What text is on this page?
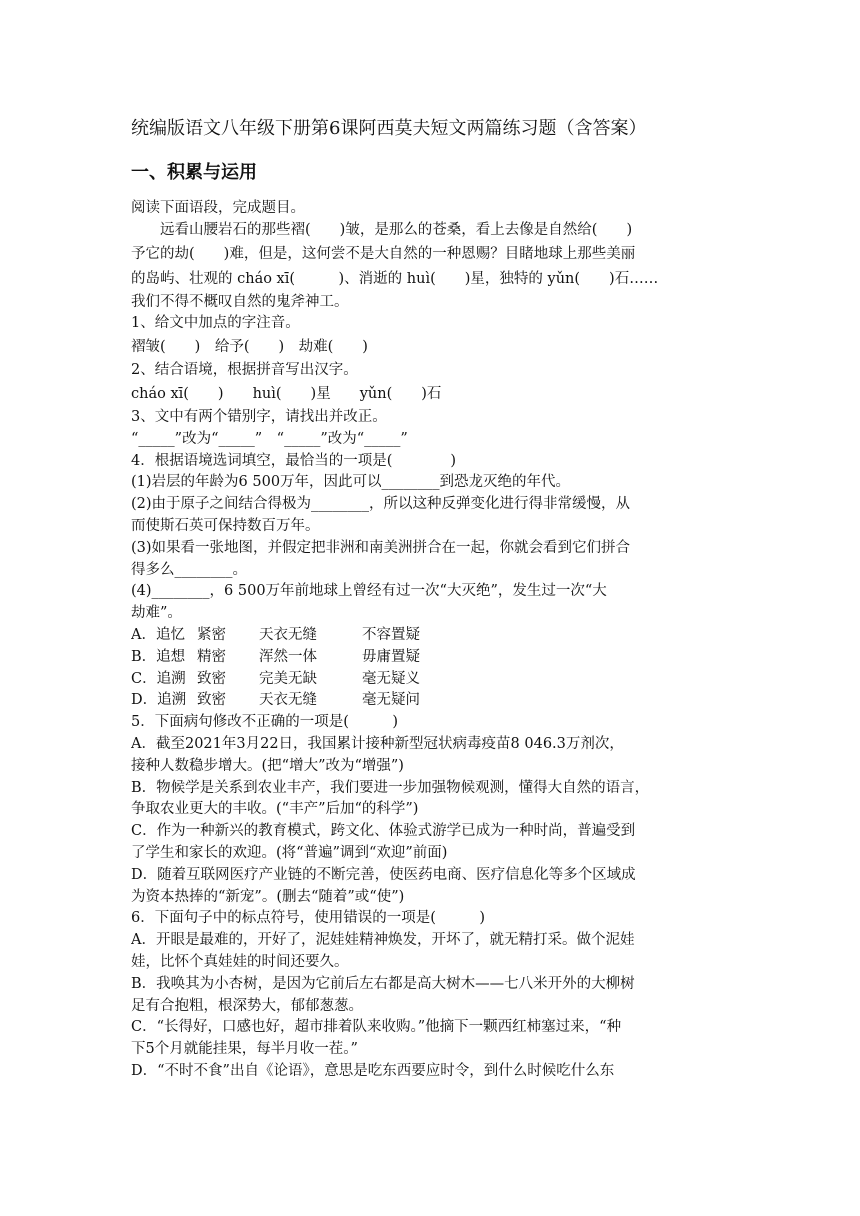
统编版语文八年级下册第6课阿西莫夫短文两篇练习题（含答案）
一、积累与运用
阅读下面语段，完成题目。
远看山腰岩石的那些褶(　　)皱，是那么的苍桑，看上去像是自然给(　　)
予它的劫(　　)难，但是，这何尝不是大自然的一种恩赐？目睹地球上那些美丽
的岛屿、壮观的 cháo xī(　　　)、消逝的 huì(　　)星，独特的 yǔn(　　)石……
我们不得不概叹自然的鬼斧神工。
1、给文中加点的字注音。
褶皱(　　)　给予(　　)　劫难(　　)
2、结合语境，根据拼音写出汉字。
cháo xī(　　)　　huì(　　)星　　yǔn(　　)石
3、文中有两个错别字，请找出并改正。
“_____”改为“_____”　“_____”改为“_____”
4．根据语境选词填空，最恰当的一项是(　　　　)
(1)岩层的年龄为6 500万年，因此可以________到恐龙灭绝的年代。
(2)由于原子之间结合得极为________，所以这种反弹变化进行得非常缓慢，从
而使斯石英可保持数百万年。
(3)如果看一张地图，并假定把非洲和南美洲拼合在一起，你就会看到它们拼合
得多么________。
(4)________，6 500万年前地球上曾经有过一次“大灭绝”，发生过一次“大
劫难”。
A．追忆 紧密 天衣无缝	不容置疑
B．追想 精密 浑然一体	毋庸置疑
C．追溯 致密 完美无缺	毫无疑义
D．追溯 致密 天衣无缝	毫无疑问
5．下面病句修改不正确的一项是(　　　)
A．截至2021年3月22日，我国累计接种新型冠状病毒疫苗8 046.3万剂次，
接种人数稳步增大。(把“增大”改为“增强”)
B．物候学是关系到农业丰产，我们要进一步加强物候观测，懂得大自然的语言，
争取农业更大的丰收。(“丰产”后加“的科学”)
C．作为一种新兴的教育模式，跨文化、体验式游学已成为一种时尚，普遍受到
了学生和家长的欢迎。(将“普遍”调到“欢迎”前面)
D．随着互联网医疗产业链的不断完善，使医药电商、医疗信息化等多个区域成
为资本热捧的“新宠”。(删去“随着”或“使”)
6．下面句子中的标点符号，使用错误的一项是(　　　)
A．开眼是最难的，开好了，泥娃娃精神焕发，开坏了，就无精打采。做个泥娃
娃，比怀个真娃娃的时间还要久。
B．我唤其为小杏树，是因为它前后左右都是高大树木——七八米开外的大柳树
足有合抱粗，根深势大，郁郁葱葱。
C．“长得好，口感也好，超市排着队来收购。”他摘下一颗西红柿塞过来，“种
下5个月就能挂果，每半月收一茬。”
D．“不时不食”出自《论语》，意思是吃东西要应时令，到什么时候吃什么东
